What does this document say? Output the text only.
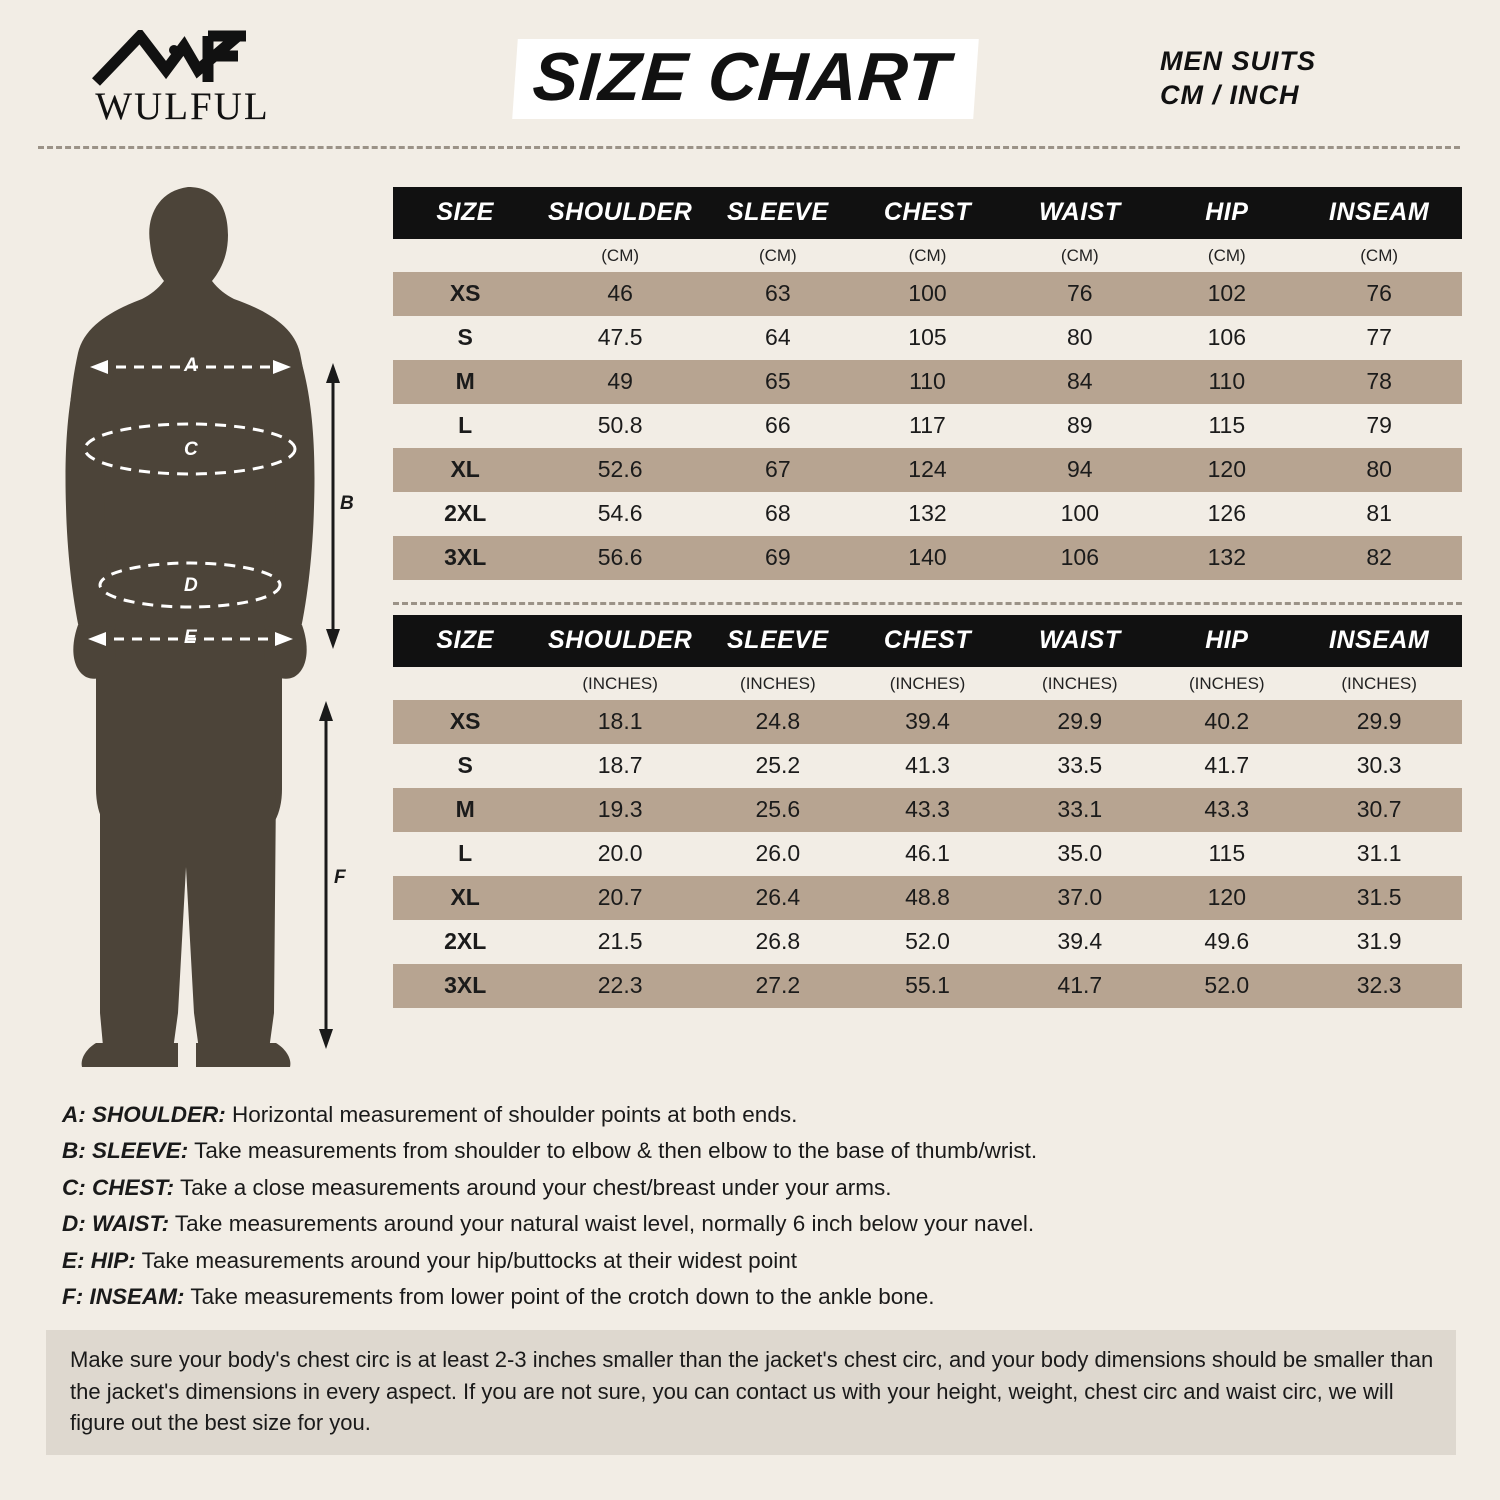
WULFUL	SIZE CHART	MEN SUITS
CM / INCH
A
B
C
D
E
F
SIZE	SHOULDER	SLEEVE	CHEST	WAIST	HIP	INSEAM
	(CM)	(CM)	(CM)	(CM)	(CM)	(CM)
XS	46	63	100	76	102	76
S	47.5	64	105	80	106	77
M	49	65	110	84	110	78
L	50.8	66	117	89	115	79
XL	52.6	67	124	94	120	80
2XL	54.6	68	132	100	126	81
3XL	56.6	69	140	106	132	82
SIZE	SHOULDER	SLEEVE	CHEST	WAIST	HIP	INSEAM
	(INCHES)	(INCHES)	(INCHES)	(INCHES)	(INCHES)	(INCHES)
XS	18.1	24.8	39.4	29.9	40.2	29.9
S	18.7	25.2	41.3	33.5	41.7	30.3
M	19.3	25.6	43.3	33.1	43.3	30.7
L	20.0	26.0	46.1	35.0	115	31.1
XL	20.7	26.4	48.8	37.0	120	31.5
2XL	21.5	26.8	52.0	39.4	49.6	31.9
3XL	22.3	27.2	55.1	41.7	52.0	32.3
A: SHOULDER: Horizontal measurement of shoulder points at both ends.
B: SLEEVE: Take measurements from shoulder to elbow & then elbow to the base of thumb/wrist.
C: CHEST: Take a close measurements around your chest/breast under your arms.
D: WAIST: Take measurements around your natural waist level, normally 6 inch below your navel.
E: HIP: Take measurements around your hip/buttocks at their widest point
F: INSEAM: Take measurements from lower point of the crotch down to the ankle bone.
Make sure your body's chest circ is at least 2-3 inches smaller than the jacket's chest circ, and your body dimensions should be smaller than the jacket's dimensions in every aspect. If you are not sure, you can contact us with your height, weight, chest circ and waist circ, we will figure out the best size for you.
